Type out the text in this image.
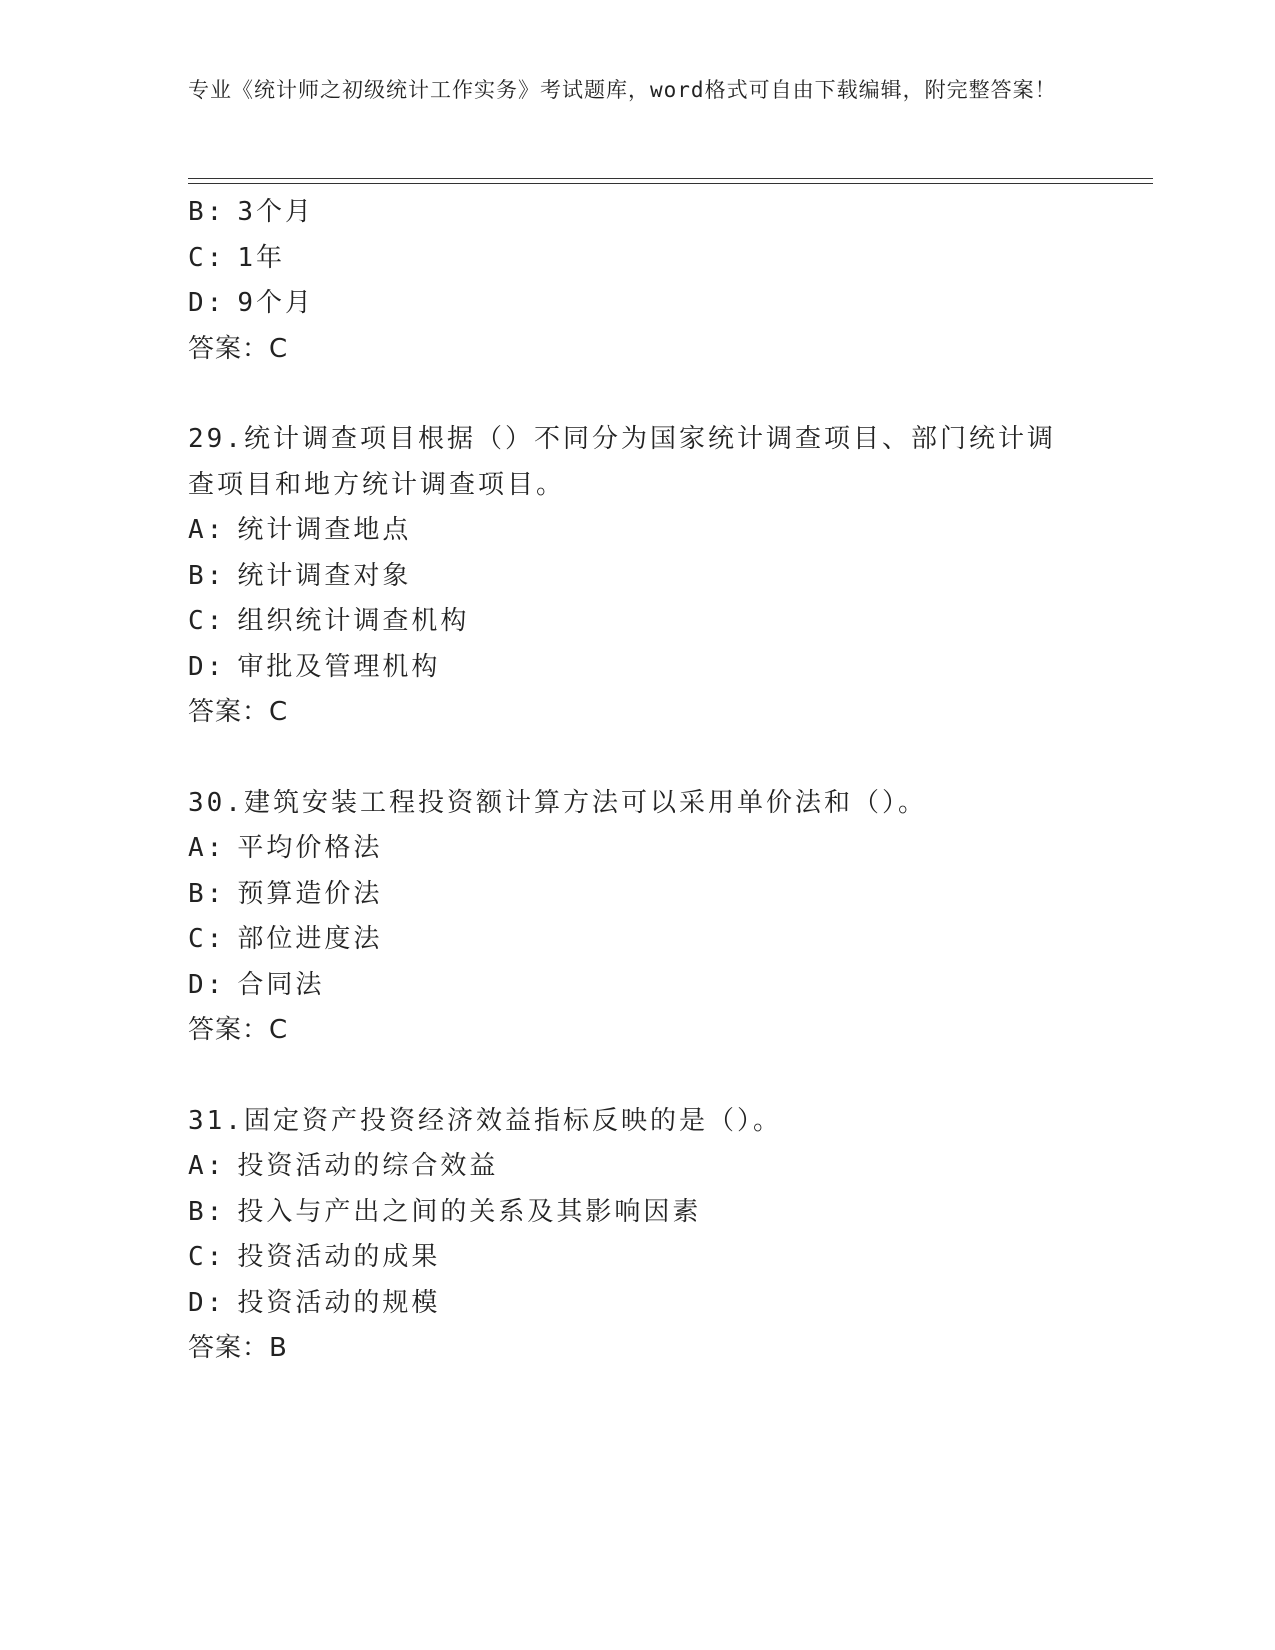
专业《统计师之初级统计工作实务》考试题库，word格式可自由下载编辑，附完整答案！
B: 3个月
C: 1年
D: 9个月
答案：C
29.统计调查项目根据（）不同分为国家统计调查项目、部门统计调查项目和地方统计调查项目。
A: 统计调查地点
B: 统计调查对象
C: 组织统计调查机构
D: 审批及管理机构
答案：C
30.建筑安装工程投资额计算方法可以采用单价法和（）。
A: 平均价格法
B: 预算造价法
C: 部位进度法
D: 合同法
答案：C
31.固定资产投资经济效益指标反映的是（）。
A: 投资活动的综合效益
B: 投入与产出之间的关系及其影响因素
C: 投资活动的成果
D: 投资活动的规模
答案：B
